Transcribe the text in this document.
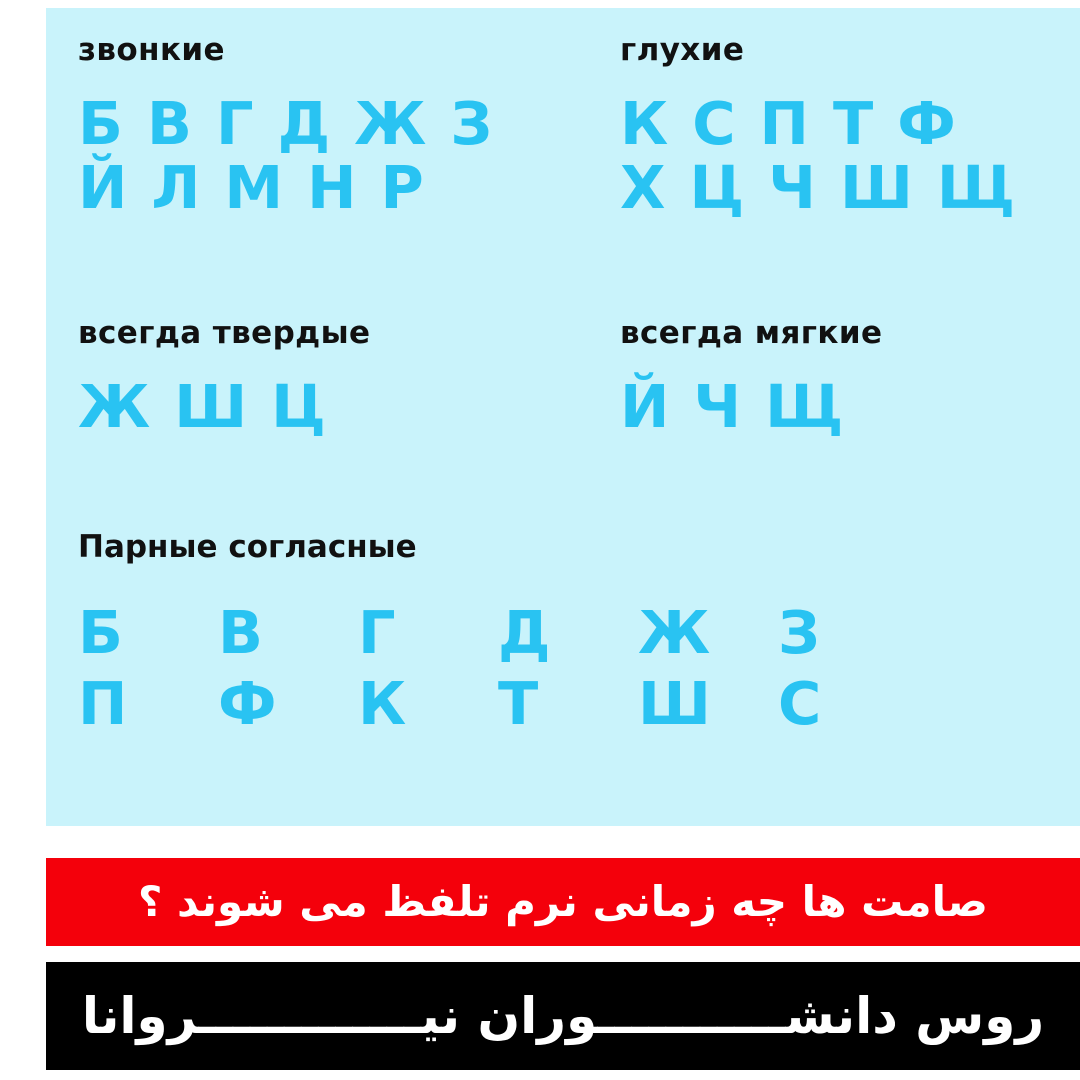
звонкие
Б В Г Д Ж З
Й Л М Н Р
глухие
К С П Т Ф
Х Ц Ч Ш Щ
всегда твердые
Ж Ш Ц
всегда мягкие
Й Ч Щ
Парные согласные
Б	В	Г	Д	Ж	З
П	Ф	К	Т	Ш	С
صامت ها چه زمانی نرم تلفظ می شوند ؟
روس دانشـــــــــــوران نیـــــــــــــروانا
